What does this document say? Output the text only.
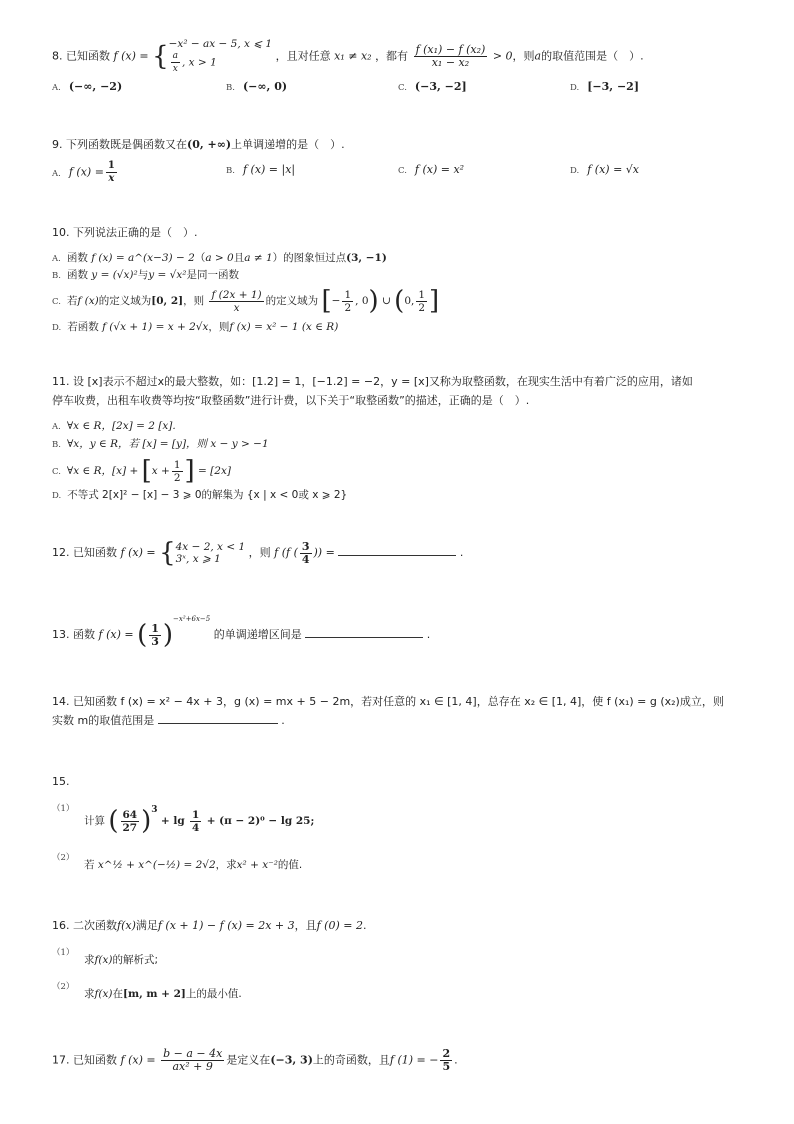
8. 已知函数 f (x) = { −x² − ax − 5, x ⩽ 1
$\frac{a}{x}$ , x > 1	，且对任意 x₁ ≠ x₂ ，都有 $\frac{\text{f (x₁) − f (x₂)}}{\text{x₁ − x₂}} > 0$，则a的取值范围是（　）.
A. (−∞, −2)	B. (−∞, 0)	C. (−3, −2]	D. [−3, −2]
9. 下列函数既是偶函数又在(0, +∞)上单调递增的是（　）.
A. f $(x) = \frac{1}{x}$	B. f (x) = |x|	C. f (x) = x²	D. f (x) = √x
10. 下列说法正确的是（　）.
A. 函数 f (x) = a^(x−3) − 2（a > 0且a ≠ 1）的图象恒过点(3, −1)
B. 函数 y = (√x)²与y = √x²是同一函数
C. 若f (x)的定义域为[0, 2]，则 $\frac{f (2x + 1)}{x}$ 的定义域为 [− $\frac{1}{2}$ , 0) ∪ (0, $\frac{1}{2}$ ]
D. 若函数 f (√x + 1) = x + 2√x，则f (x) = x² − 1 (x ∈ R)
11. 设 [x]表示不超过x的最大整数，如：[1.2] = 1，[−1.2] = −2，y = [x]又称为取整函数，在现实生活中有着广泛的应用，诸如
停车收费，出租车收费等均按“取整函数”进行计费，以下关于“取整函数”的描述，正确的是（　）.
A. ∀x ∈ R，[2x] = 2 [x].
B. ∀x，y ∈ R，若 [x] = [y]，则 x − y > −1
C. ∀x ∈ R，$[x] + [x + \frac{1}{2}$ ] = [2x]
D. 不等式 2[x]² − [x] − 3 ⩾ 0的解集为 {x | x < 0或 x ⩾ 2}
12. 已知函数 f (x) = { 4x − 2, x < 1
3ˣ, x ⩾ 1	，则 f (f ( $\frac{3}{4}$ )) =	.
13. 函数 f (x) = ( $\frac{1}{3} )^{-x^2+6x-5}$ 的单调递增区间是	.
14. 已知函数 f (x) = x² − 4x + 3，g (x) = mx + 5 − 2m，若对任意的 x₁ ∈ [1, 4]，总存在 x₂ ∈ [1, 4]，使 f (x₁) = g (x₂)成立，则
实数 m的取值范围是	.
15.
（1）
计算 ( $\frac{64}{27} )^3 + \lg \frac{1}{4} + (\pi - 2)^0 - \lg 25$;
（2）
若 x^½ + x^(−½) = 2√2，求x² + x⁻²的值.
16. 二次函数f(x)满足f (x + 1) − f (x) = 2x + 3，且f (0) = 2.
（1）
求f(x)的解析式;
（2）
求f(x)在[m, m + 2]上的最小值.
17. 已知函数 f $(x) = \frac{b - a - 4x}{\text{ax² + 9}}$ 是定义在(−3, 3)上的奇函数，且f (1) = − $\frac{2}{5}$ .
